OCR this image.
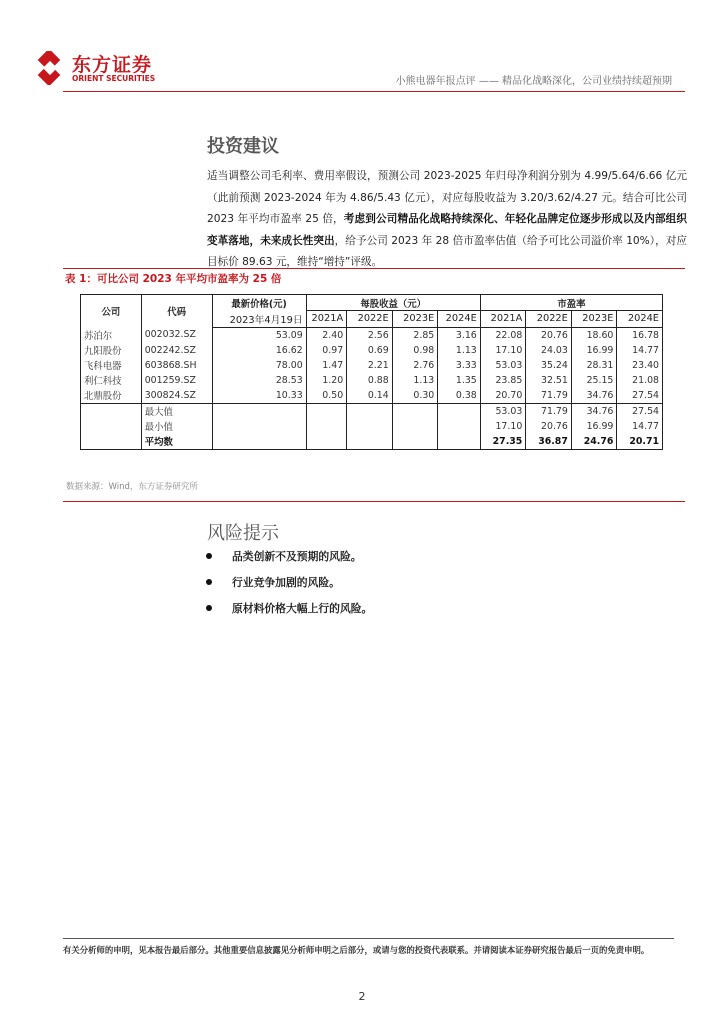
东方证券
ORIENT SECURITIES	小熊电器年报点评 —— 精品化战略深化，公司业绩持续超预期
投资建议
适当调整公司毛利率、费用率假设，预测公司 2023-2025 年归母净利润分别为 4.99/5.64/6.66 亿元（此前预测 2023-2024 年为 4.86/5.43 亿元），对应每股收益为 3.20/3.62/4.27 元。结合可比公司 2023 年平均市盈率 25 倍，考虑到公司精品化战略持续深化、年轻化品牌定位逐步形成以及内部组织变革落地，未来成长性突出，给予公司 2023 年 28 倍市盈率估值（给予可比公司溢价率 10%），对应目标价 89.63 元，维持“增持”评级。
表 1：可比公司 2023 年平均市盈率为 25 倍
公司	代码	最新价格(元)	每股收益（元）				市盈率			
		2023年4月19日	2021A	2022E	2023E	2024E	2021A	2022E	2023E	2024E
苏泊尔	002032.SZ	53.09	2.40	2.56	2.85	3.16	22.08	20.76	18.60	16.78
九阳股份	002242.SZ	16.62	0.97	0.69	0.98	1.13	17.10	24.03	16.99	14.77
飞科电器	603868.SH	78.00	1.47	2.21	2.76	3.33	53.03	35.24	28.31	23.40
利仁科技	001259.SZ	28.53	1.20	0.88	1.13	1.35	23.85	32.51	25.15	21.08
北鼎股份	300824.SZ	10.33	0.50	0.14	0.30	0.38	20.70	71.79	34.76	27.54
	最大值						53.03	71.79	34.76	27.54
	最小值						17.10	20.76	16.99	14.77
	平均数						27.35	36.87	24.76	20.71
数据来源：Wind，东方证券研究所
风险提示
品类创新不及预期的风险。
行业竞争加剧的风险。
原材料价格大幅上行的风险。
有关分析师的申明，见本报告最后部分。其他重要信息披露见分析师申明之后部分，或请与您的投资代表联系。并请阅读本证券研究报告最后一页的免责申明。
2
